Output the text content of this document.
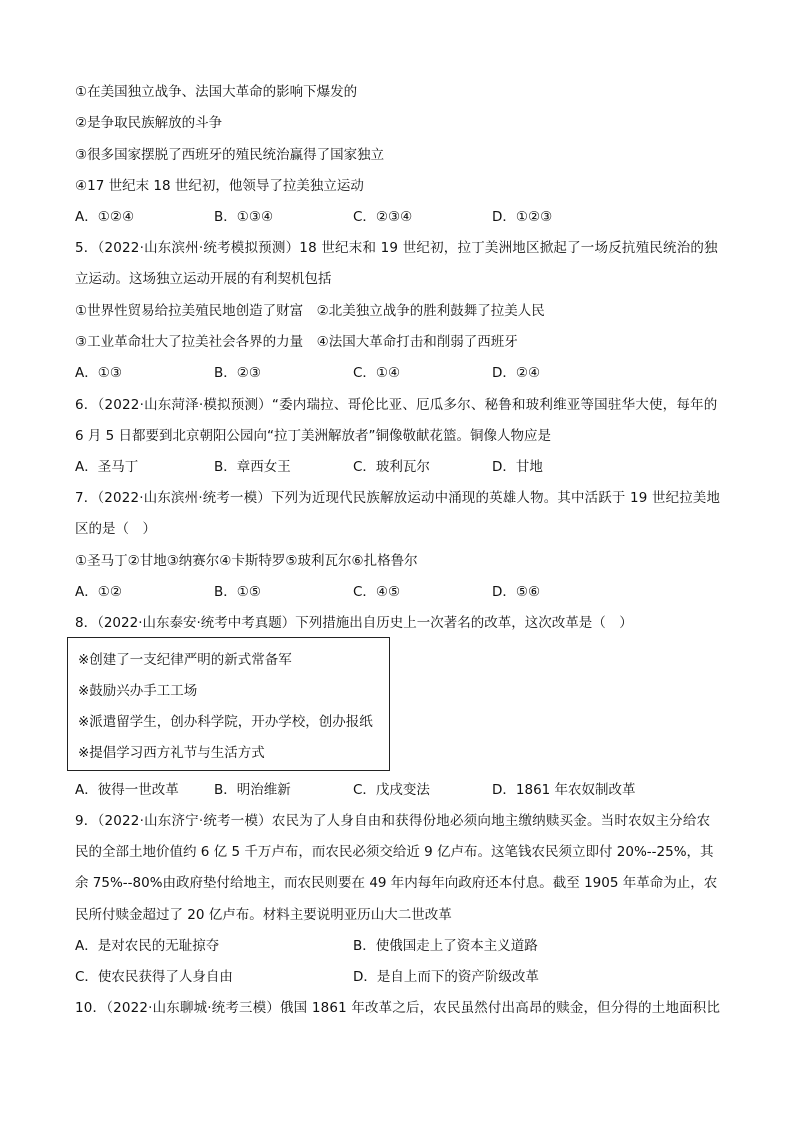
①在美国独立战争、法国大革命的影响下爆发的
②是争取民族解放的斗争
③很多国家摆脱了西班牙的殖民统治赢得了国家独立
④17 世纪末 18 世纪初，他领导了拉美独立运动
A．①②④	B．①③④	C．②③④	D．①②③
5．（2022·山东滨州·统考模拟预测）18 世纪末和 19 世纪初，拉丁美洲地区掀起了一场反抗殖民统治的独
立运动。这场独立运动开展的有利契机包括
①世界性贸易给拉美殖民地创造了财富　②北美独立战争的胜利鼓舞了拉美人民
③工业革命壮大了拉美社会各界的力量　④法国大革命打击和削弱了西班牙
A．①③	B．②③	C．①④	D．②④
6．（2022·山东菏泽·模拟预测）“委内瑞拉、哥伦比亚、厄瓜多尔、秘鲁和玻利维亚等国驻华大使，每年的
6 月 5 日都要到北京朝阳公园向“拉丁美洲解放者”铜像敬献花篮。铜像人物应是
A．圣马丁	B．章西女王	C．玻利瓦尔	D．甘地
7．（2022·山东滨州·统考一模）下列为近现代民族解放运动中涌现的英雄人物。其中活跃于 19 世纪拉美地
区的是（　）
①圣马丁②甘地③纳赛尔④卡斯特罗⑤玻利瓦尔⑥扎格鲁尔
A．①②	B．①⑤	C．④⑤	D．⑤⑥
8．（2022·山东泰安·统考中考真题）下列措施出自历史上一次著名的改革，这次改革是（　）
※创建了一支纪律严明的新式常备军
※鼓励兴办手工工场
※派遣留学生，创办科学院，开办学校，创办报纸
※提倡学习西方礼节与生活方式
A．彼得一世改革	B．明治维新	C．戊戌变法	D．1861 年农奴制改革
9．（2022·山东济宁·统考一模）农民为了人身自由和获得份地必须向地主缴纳赎买金。当时农奴主分给农
民的全部土地价值约 6 亿 5 千万卢布，而农民必须交给近 9 亿卢布。这笔钱农民须立即付 20%--25%，其
余 75%--80%由政府垫付给地主，而农民则要在 49 年内每年向政府还本付息。截至 1905 年革命为止，农
民所付赎金超过了 20 亿卢布。材料主要说明亚历山大二世改革
A．是对农民的无耻掠夺	B．使俄国走上了资本主义道路
C．使农民获得了人身自由	D．是自上而下的资产阶级改革
10．（2022·山东聊城·统考三模）俄国 1861 年改革之后，农民虽然付出高昂的赎金，但分得的土地面积比
